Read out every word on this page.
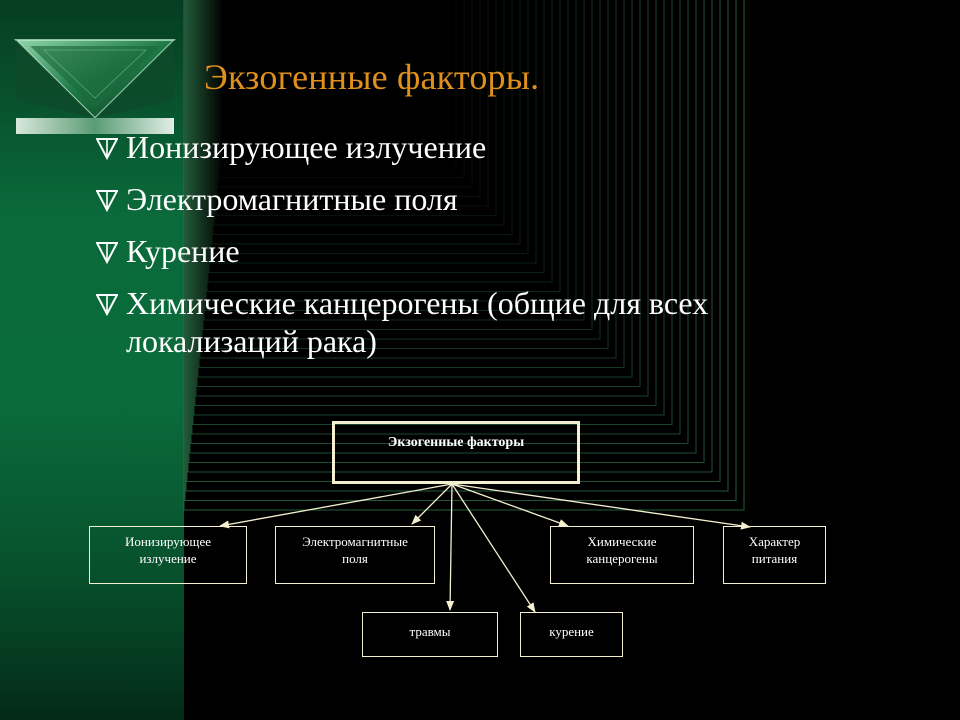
Экзогенные факторы.
Ионизирующее излучение
Электромагнитные поля
Курение
Химические канцерогены (общие для всех локализаций рака)
Экзогенные факторы
Ионизирующее излучение
Электромагнитные поля
Химические канцерогены
Характер питания
травмы	курение
